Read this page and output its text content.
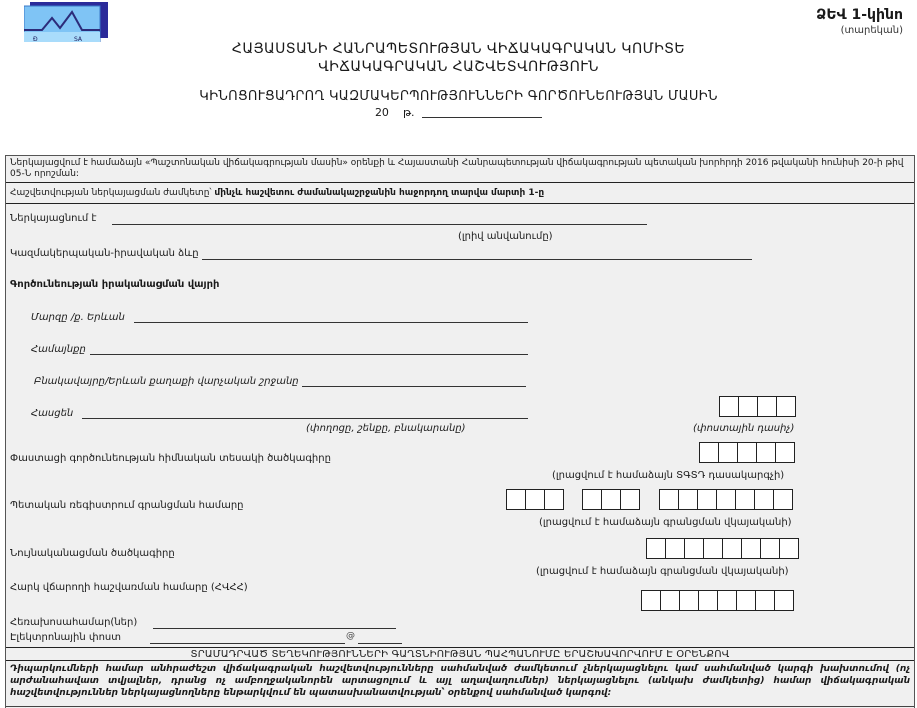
Ð	SA
ՁԵՎ 1-կինո
(տարեկան)
ՀԱՅԱՍՏԱՆԻ ՀԱՆՐԱՊԵՏՈՒԹՅԱՆ ՎԻՃԱԿԱԳՐԱԿԱՆ ԿՈՄԻՏԵ
ՎԻՃԱԿԱԳՐԱԿԱՆ ՀԱՇՎԵՏՎՈՒԹՅՈՒՆ
ԿԻՆՈՑՈՒՑԱԴՐՈՂ ԿԱԶՄԱԿԵՐՊՈՒԹՅՈՒՆՆԵՐԻ ԳՈՐԾՈՒՆԵՈՒԹՅԱՆ ՄԱՍԻՆ
20 թ.
Ներկայացվում է համաձայն «Պաշտոնական վիճակագրության մասին» օրենքի և Հայաստանի Հանրապետության վիճակագրության պետական խորհրդի 2016 թվականի հունիսի 20-ի թիվ 05-Ն որոշման:
Հաշվետվության ներկայացման ժամկետը՝ մինչև հաշվետու ժամանակաշրջանին հաջորդող տարվա մարտի 1-ը
Ներկայացնում է
(լրիվ անվանումը)
Կազմակերպական-իրավական ձևը
Գործունեության իրականացման վայրի
Մարզը /ք. Երևան
Համայնքը
Բնակավայրը/Երևան քաղաքի վարչական շրջանը
Հասցեն
(փողոցը, շենքը, բնակարանը)	(փոստային դասիչ)
Փաստացի գործունեության հիմնական տեսակի ծածկագիրը
(լրացվում է համաձայն ՏԳՏԴ դասակարգչի)
Պետական ռեգիստրում գրանցման համարը
(լրացվում է համաձայն գրանցման վկայականի)
Նույնականացման ծածկագիրը
(լրացվում է համաձայն գրանցման վկայականի)
Հարկ վճարողի հաշվառման համարը (ՀՎՀՀ)
Հեռախոսահամար(ներ)
Էլեկտրոնային փոստ	@
ՏՐԱՄԱԴՐՎԱԾ ՏԵՂԵԿՈՒԹՅՈՒՆՆԵՐԻ ԳԱՂՏՆԻՈՒԹՅԱՆ ՊԱՀՊԱՆՈՒՄԸ ԵՐԱՇԽԱՎՈՐՎՈՒՄ Է ՕՐԵՆՔՈՎ
Դիպարկումների համար անհրաժեշտ վիճակագրական հաշվետվությունները սահմանված ժամկետում չներկայացնելու կամ սահմանված կարգի խախտումով (ոչ արժանահավատ տվյալներ, դրանց ոչ ամբողջականորեն արտացոլում և այլ աղավաղումներ) ներկայացնելու (անկախ ժամկետից) համար վիճակագրական հաշվետվություններ ներկայացնողները ենթարկվում են պատասխանատվության՝ օրենքով սահմանված կարգով:
